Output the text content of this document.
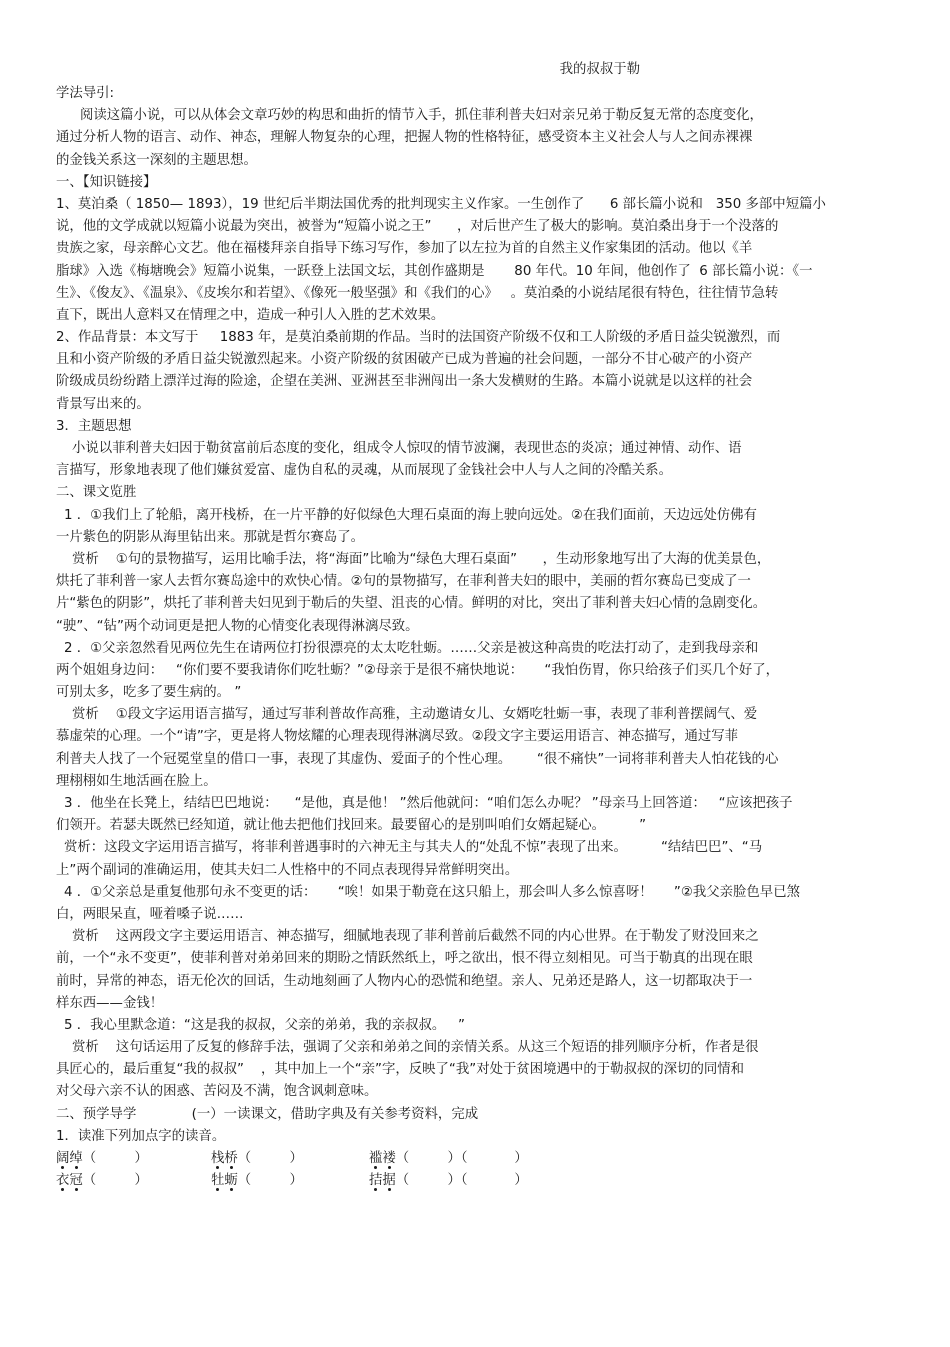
我的叔叔于勒
学法导引:
阅读这篇小说，可以从体会文章巧妙的构思和曲折的情节入手，抓住菲利普夫妇对亲兄弟于勒反复无常的态度变化，
通过分析人物的语言、动作、神态，理解人物复杂的心理，把握人物的性格特征，感受资本主义社会人与人之间赤裸裸
的金钱关系这一深刻的主题思想。
一、【知识链接】
1、莫泊桑（ 1850— 1893），19 世纪后半期法国优秀的批判现实主义作家。一生创作了      6 部长篇小说和   350 多部中短篇小
说，他的文学成就以短篇小说最为突出，被誉为“短篇小说之王”      ，对后世产生了极大的影响。莫泊桑出身于一个没落的
贵族之家，母亲醉心文艺。他在福楼拜亲自指导下练习写作，参加了以左拉为首的自然主义作家集团的活动。他以《羊
脂球》入选《梅塘晚会》短篇小说集，一跃登上法国文坛，其创作盛期是       80 年代。10 年间，他创作了  6 部长篇小说：《一
生》、《俊友》、《温泉》、《皮埃尔和若望》、《像死一般坚强》和《我们的心》   。莫泊桑的小说结尾很有特色，往往情节急转
直下，既出人意料又在情理之中，造成一种引人入胜的艺术效果。
2、作品背景：本文写于     1883 年，是莫泊桑前期的作品。当时的法国资产阶级不仅和工人阶级的矛盾日益尖锐激烈，而
且和小资产阶级的矛盾日益尖锐激烈起来。小资产阶级的贫困破产已成为普遍的社会问题，一部分不甘心破产的小资产
阶级成员纷纷踏上漂洋过海的险途，企望在美洲、亚洲甚至非洲闯出一条大发横财的生路。本篇小说就是以这样的社会
背景写出来的。
3．主题思想
小说以菲利普夫妇因于勒贫富前后态度的变化，组成令人惊叹的情节波澜，表现世态的炎凉；通过神情、动作、语
言描写，形象地表现了他们嫌贫爱富、虚伪自私的灵魂，从而展现了金钱社会中人与人之间的冷酷关系。
二、课文览胜
1 ．①我们上了轮船，离开栈桥，在一片平静的好似绿色大理石桌面的海上驶向远处。②在我们面前，天边远处仿佛有
一片紫色的阴影从海里钻出来。那就是哲尔赛岛了。
赏析    ①句的景物描写，运用比喻手法，将“海面”比喻为“绿色大理石桌面”      ，生动形象地写出了大海的优美景色，
烘托了菲利普一家人去哲尔赛岛途中的欢快心情。②句的景物描写，在菲利普夫妇的眼中，美丽的哲尔赛岛已变成了一
片“紫色的阴影”，烘托了菲利普夫妇见到于勒后的失望、沮丧的心情。鲜明的对比，突出了菲利普夫妇心情的急剧变化。
“驶”、“钻”两个动词更是把人物的心情变化表现得淋漓尽致。
2 ．①父亲忽然看见两位先生在请两位打扮很漂亮的太太吃牡蛎。……父亲是被这种高贵的吃法打动了，走到我母亲和
两个姐姐身边问：   “你们要不要我请你们吃牡蛎？”②母亲于是很不痛快地说：     “我怕伤胃，你只给孩子们买几个好了，
可别太多，吃多了要生病的。 ”
赏析    ①段文字运用语言描写，通过写菲利普故作高雅，主动邀请女儿、女婿吃牡蛎一事，表现了菲利普摆阔气、爱
慕虚荣的心理。一个“请”字，更是将人物炫耀的心理表现得淋漓尽致。②段文字主要运用语言、神态描写，通过写菲
利普夫人找了一个冠冕堂皇的借口一事，表现了其虚伪、爱面子的个性心理。      “很不痛快”一词将菲利普夫人怕花钱的心
理栩栩如生地活画在脸上。
3 ．他坐在长凳上，结结巴巴地说：    “是他，真是他！ ”然后他就问：“咱们怎么办呢？ ”母亲马上回答道：   “应该把孩子
们领开。若瑟夫既然已经知道，就让他去把他们找回来。最要留心的是别叫咱们女婿起疑心。        ”
赏析：这段文字运用语言描写，将菲利普遇事时的六神无主与其夫人的“处乱不惊”表现了出来。        “结结巴巴”、“马
上”两个副词的准确运用，使其夫妇二人性格中的不同点表现得异常鲜明突出。
4 ．①父亲总是重复他那句永不变更的话：     “唉！如果于勒竟在这只船上，那会叫人多么惊喜呀！     ”②我父亲脸色早已煞
白，两眼呆直，哑着嗓子说……
赏析    这两段文字主要运用语言、神态描写，细腻地表现了菲利普前后截然不同的内心世界。在于勒发了财没回来之
前，一个“永不变更”，使菲利普对弟弟回来的期盼之情跃然纸上，呼之欲出，恨不得立刻相见。可当于勒真的出现在眼
前时，异常的神态，语无伦次的回话，生动地刻画了人物内心的恐慌和绝望。亲人、兄弟还是路人，这一切都取决于一
样东西——金钱！
5 ．我心里默念道：“这是我的叔叔，父亲的弟弟，我的亲叔叔。   ”
赏析    这句话运用了反复的修辞手法，强调了父亲和弟弟之间的亲情关系。从这三个短语的排列顺序分析，作者是很
具匠心的，最后重复“我的叔叔”    ，其中加上一个“亲”字，反映了“我”对处于贫困境遇中的于勒叔叔的深切的同情和
对父母六亲不认的困惑、苦闷及不满，饱含讽刺意味。
二、预学导学             (一）一读课文，借助字典及有关参考资料，完成
1．读准下列加点字的读音。
阔绰（         ）	栈桥（         ）	褴褛（         ）（           ）
衣冠（         ）	牡蛎（         ）	拮据（         ）（           ）
